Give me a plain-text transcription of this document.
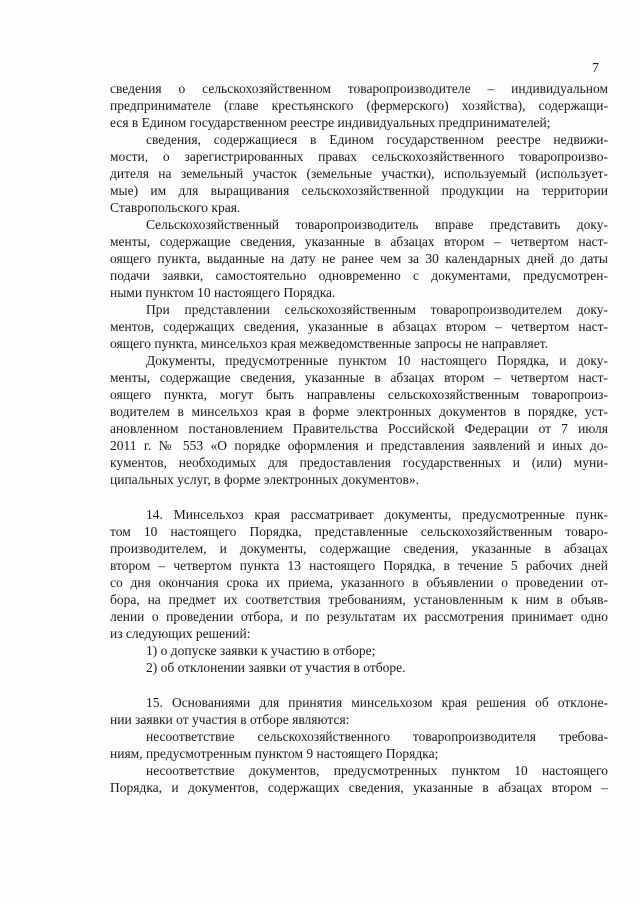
7
сведения о сельскохозяйственном товаропроизводителе – индивидуальном
предпринимателе (главе крестьянского (фермерского) хозяйства), содержащи-
еся в Едином государственном реестре индивидуальных предпринимателей;
сведения, содержащиеся в Едином государственном реестре недвижи-
мости, о зарегистрированных правах сельскохозяйственного товаропроизво-
дителя на земельный участок (земельные участки), используемый (использует-
мые) им для выращивания сельскохозяйственной продукции на территории
Ставропольского края.
Сельскохозяйственный товаропроизводитель вправе представить доку-
менты, содержащие сведения, указанные в абзацах втором – четвертом наст-
оящего пункта, выданные на дату не ранее чем за 30 календарных дней до даты
подачи заявки, самостоятельно одновременно с документами, предусмотрен-
ными пунктом 10 настоящего Порядка.
При представлении сельскохозяйственным товаропроизводителем доку-
ментов, содержащих сведения, указанные в абзацах втором – четвертом наст-
оящего пункта, минсельхоз края межведомственные запросы не направляет.
Документы, предусмотренные пунктом 10 настоящего Порядка, и доку-
менты, содержащие сведения, указанные в абзацах втором – четвертом наст-
оящего пункта, могут быть направлены сельскохозяйственным товаропроиз-
водителем в минсельхоз края в форме электронных документов в порядке, уст-
ановленном постановлением Правительства Российской Федерации от 7 июля
2011 г. № 553 «О порядке оформления и представления заявлений и иных до-
кументов, необходимых для предоставления государственных и (или) муни-
ципальных услуг, в форме электронных документов».
14. Минсельхоз края рассматривает документы, предусмотренные пунк-
том 10 настоящего Порядка, представленные сельскохозяйственным товаро-
производителем, и документы, содержащие сведения, указанные в абзацах
втором – четвертом пункта 13 настоящего Порядка, в течение 5 рабочих дней
со дня окончания срока их приема, указанного в объявлении о проведении от-
бора, на предмет их соответствия требованиям, установленным к ним в объяв-
лении о проведении отбора, и по результатам их рассмотрения принимает одно
из следующих решений:
1) о допуске заявки к участию в отборе;
2) об отклонении заявки от участия в отборе.
15. Основаниями для принятия минсельхозом края решения об отклоне-
нии заявки от участия в отборе являются:
несоответствие сельскохозяйственного товаропроизводителя требова-
ниям, предусмотренным пунктом 9 настоящего Порядка;
несоответствие документов, предусмотренных пунктом 10 настоящего
Порядка, и документов, содержащих сведения, указанные в абзацах втором –
